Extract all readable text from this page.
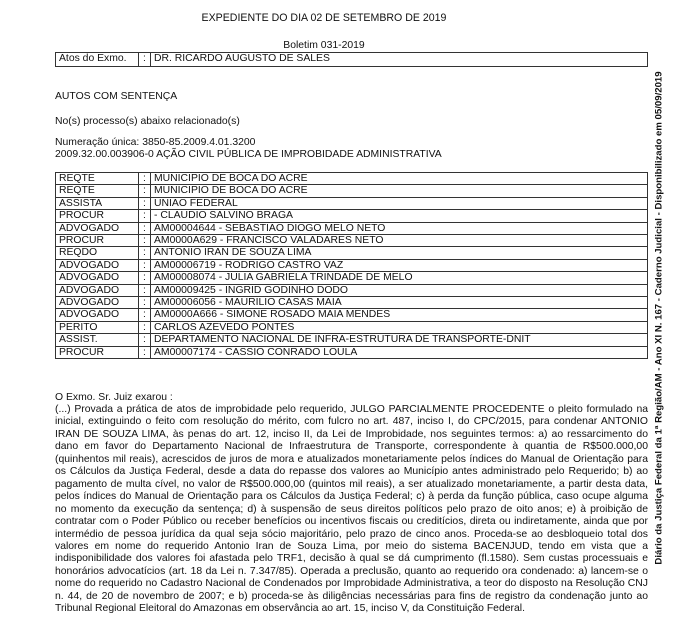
EXPEDIENTE DO DIA 02 DE SETEMBRO DE 2019
Boletim 031-2019
Atos do Exmo.	:	DR. RICARDO AUGUSTO DE SALES
AUTOS COM SENTENÇA
No(s) processo(s) abaixo relacionado(s)
Numeração única: 3850-85.2009.4.01.3200
2009.32.00.003906-0 AÇÃO CIVIL PÚBLICA DE IMPROBIDADE ADMINISTRATIVA
REQTE	:	MUNICIPIO DE BOCA DO ACRE
REQTE	:	MUNICIPIO DE BOCA DO ACRE
ASSISTA	:	UNIAO FEDERAL
PROCUR	:	- CLAUDIO SALVINO BRAGA
ADVOGADO	:	AM00004644 - SEBASTIAO DIOGO MELO NETO
PROCUR	:	AM0000A629 - FRANCISCO VALADARES NETO
REQDO	:	ANTONIO IRAN DE SOUZA LIMA
ADVOGADO	:	AM00006719 - RODRIGO CASTRO VAZ
ADVOGADO	:	AM00008074 - JULIA GABRIELA TRINDADE DE MELO
ADVOGADO	:	AM00009425 - INGRID GODINHO DODO
ADVOGADO	:	AM00006056 - MAURILIO CASAS MAIA
ADVOGADO	:	AM0000A666 - SIMONE ROSADO MAIA MENDES
PERITO	:	CARLOS AZEVEDO PONTES
ASSIST.	:	DEPARTAMENTO NACIONAL DE INFRA-ESTRUTURA DE TRANSPORTE-DNIT
PROCUR	:	AM00007174 - CASSIO CONRADO LOULA
O Exmo. Sr. Juiz exarou :
(...) Provada a prática de atos de improbidade pelo requerido, JULGO PARCIALMENTE PROCEDENTE o pleito formulado na inicial, extinguindo o feito com resolução do mérito, com fulcro no art. 487, inciso I, do CPC/2015, para condenar ANTONIO IRAN DE SOUZA LIMA, às penas do art. 12, inciso II, da Lei de Improbidade, nos seguintes termos: a) ao ressarcimento do dano em favor do Departamento Nacional de Infraestrutura de Transporte, correspondente à quantia de R$500.000,00 (quinhentos mil reais), acrescidos de juros de mora e atualizados monetariamente pelos índices do Manual de Orientação para os Cálculos da Justiça Federal, desde a data do repasse dos valores ao Município antes administrado pelo Requerido; b) ao pagamento de multa cível, no valor de R$500.000,00 (quintos mil reais), a ser atualizado monetariamente, a partir desta data, pelos índices do Manual de Orientação para os Cálculos da Justiça Federal; c) à perda da função pública, caso ocupe alguma no momento da execução da sentença; d) à suspensão de seus direitos políticos pelo prazo de oito anos; e) à proibição de contratar com o Poder Público ou receber benefícios ou incentivos fiscais ou creditícios, direta ou indiretamente, ainda que por intermédio de pessoa jurídica da qual seja sócio majoritário, pelo prazo de cinco anos. Proceda-se ao desbloqueio total dos valores em nome do requerido Antonio Iran de Souza Lima, por meio do sistema BACENJUD, tendo em vista que a indisponibilidade dos valores foi afastada pelo TRF1, decisão à qual se dá cumprimento (fl.1580). Sem custas processuais e honorários advocatícios (art. 18 da Lei n. 7.347/85). Operada a preclusão, quanto ao requerido ora condenado: a) lancem-se o nome do requerido no Cadastro Nacional de Condenados por Improbidade Administrativa, a teor do disposto na Resolução CNJ n. 44, de 20 de novembro de 2007; e b) proceda-se às diligências necessárias para fins de registro da condenação junto ao Tribunal Regional Eleitoral do Amazonas em observância ao art. 15, inciso V, da Constituição Federal.
Diário da Justiça Federal da 1ª Região/AM - Ano XI N. 167 - Caderno Judicial - Disponibilizado em 05/09/2019
